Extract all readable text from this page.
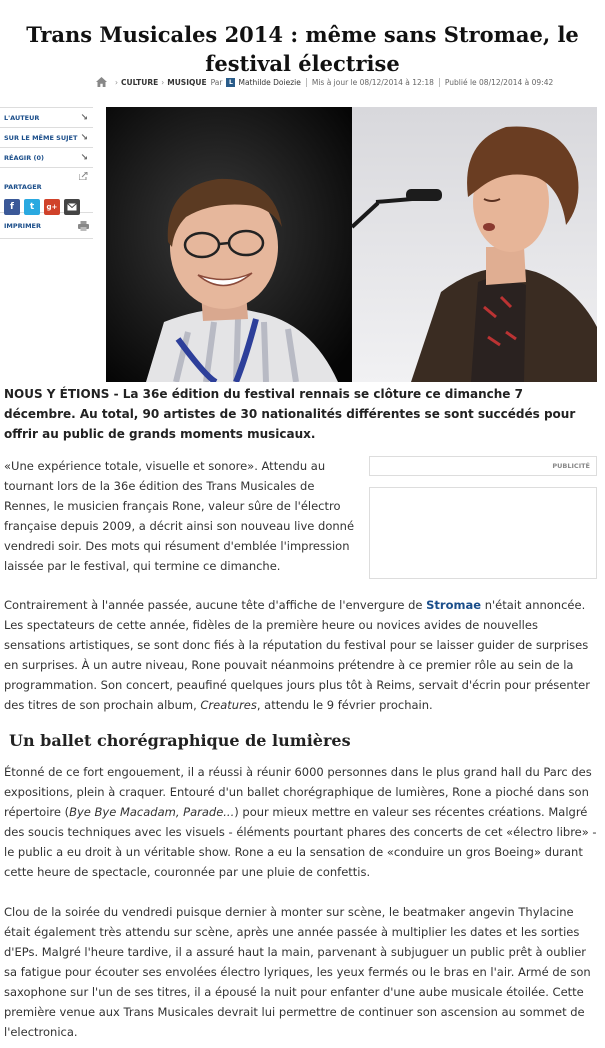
Trans Musicales 2014 : même sans Stromae, le festival électrise
› CULTURE › MUSIQUE Par	L Mathilde Doiezie Mis à jour le 08/12/2014 à 12:18 Publié le 08/12/2014 à 09:42
L'AUTEUR	↘
SUR LE MÊME SUJET ↘
RÉAGIR (0)	↘
PARTAGER
f	t	g+
IMPRIMER

NOUS Y ÉTIONS - La 36e édition du festival rennais se clôture ce dimanche 7 décembre. Au total, 90 artistes de 30 nationalités différentes se sont succédés pour offrir au public de grands moments musicaux.

«Une expérience totale, visuelle et sonore». Attendu au tournant lors de la 36e édition des Trans Musicales de Rennes, le musicien français Rone, valeur sûre de l'électro française depuis 2009, a décrit ainsi son nouveau live donné vendredi soir. Des mots qui résument d'emblée l'impression laissée par le festival, qui termine ce dimanche.

PUBLICITÉ

Contrairement à l'année passée, aucune tête d'affiche de l'envergure de Stromae n'était annoncée. Les spectateurs de cette année, fidèles de la première heure ou novices avides de nouvelles sensations artistiques, se sont donc fiés à la réputation du festival pour se laisser guider de surprises en surprises. À un autre niveau, Rone pouvait néanmoins prétendre à ce premier rôle au sein de la programmation. Son concert, peaufiné quelques jours plus tôt à Reims, servait d'écrin pour présenter des titres de son prochain album, Creatures, attendu le 9 février prochain.

Un ballet chorégraphique de lumières

Étonné de ce fort engouement, il a réussi à réunir 6000 personnes dans le plus grand hall du Parc des expositions, plein à craquer. Entouré d'un ballet chorégraphique de lumières, Rone a pioché dans son répertoire (Bye Bye Macadam, Parade...) pour mieux mettre en valeur ses récentes créations. Malgré des soucis techniques avec les visuels - éléments pourtant phares des concerts de cet «électro libre» - le public a eu droit à un véritable show. Rone a eu la sensation de «conduire un gros Boeing» durant cette heure de spectacle, couronnée par une pluie de confettis.

Clou de la soirée du vendredi puisque dernier à monter sur scène, le beatmaker angevin Thylacine était également très attendu sur scène, après une année passée à multiplier les dates et les sorties d'EPs. Malgré l'heure tardive, il a assuré haut la main, parvenant à subjuguer un public prêt à oublier sa fatigue pour écouter ses envolées électro lyriques, les yeux fermés ou le bras en l'air. Armé de son saxophone sur l'un de ses titres, il a épousé la nuit pour enfanter d'une aube musicale étoilée. Cette première venue aux Trans Musicales devrait lui permettre de continuer son ascension au sommet de l'electronica.
